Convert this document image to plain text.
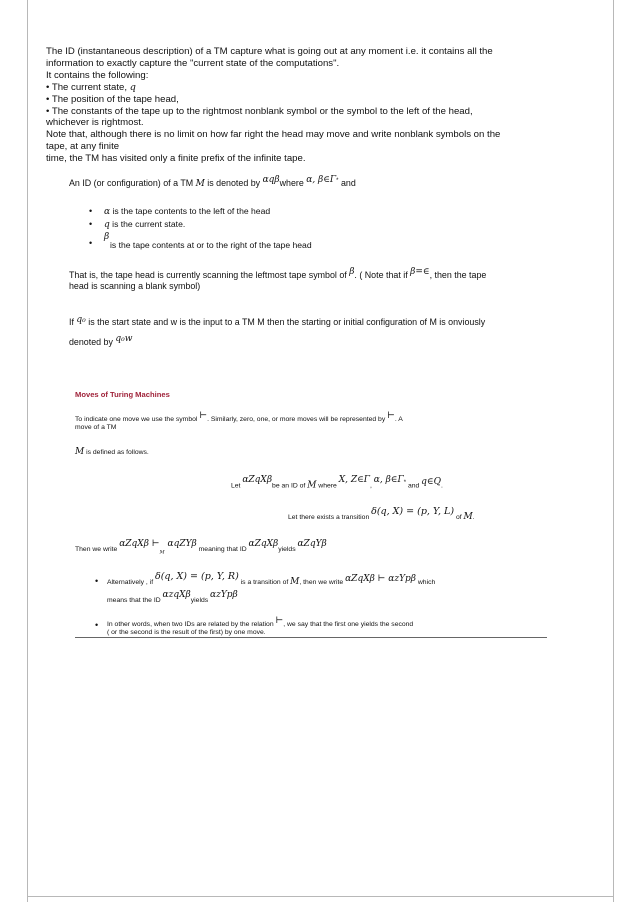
The ID (instantaneous description) of a TM capture what is going out at any moment i.e. it contains all the

information to exactly capture the "current state of the computations".

It contains the following:

• The current state, q

• The position of the tape head,

• The constants of the tape up to the rightmost nonblank symbol or the symbol to the left of the head,

whichever is rightmost.

Note that, although there is no limit on how far right the head may move and write nonblank symbols on the

tape, at any finite

time, the TM has visited only a finite prefix of the infinite tape.

An ID (or configuration) of a TM M is denoted by αqβwhere α, β∈Γ* and
• α is the tape contents to the left of the head
• q is the current state.
•
β
is the tape contents at or to the right of the tape head
That is, the tape head is currently scanning the leftmost tape symbol of β. ( Note that if β=∈, then the tape
head is scanning a blank symbol)
If q₀ is the start state and w is the input to a TM M then the starting or initial configuration of M is onviously
denoted by q₀w
Moves of Turing Machines
To indicate one move we use the symbol ⊢. Similarly, zero, one, or more moves will be represented by ⊢. A
move of a TM
M is defined as follows.
Let αZqXβbe an ID of M where X, Z∈Γ, α, β∈Γ* and q∈Q.
Let there exists a transition δ(q, X) = (p, Y, L) of M.
Then we write αZqXβ $⊢_M$ αqZYβ meaning that ID αZqXβyields αZqYβ
• Alternatively , if δ(q, X) = (p, Y, R) is a transition of M, then we write αZqXβ ⊢ αzYpβ which
means that the ID αzqXβyields αzYpβ
• In other words, when two IDs are related by the relation ⊢, we say that the first one yields the second
( or the second is the result of the first) by one move.
